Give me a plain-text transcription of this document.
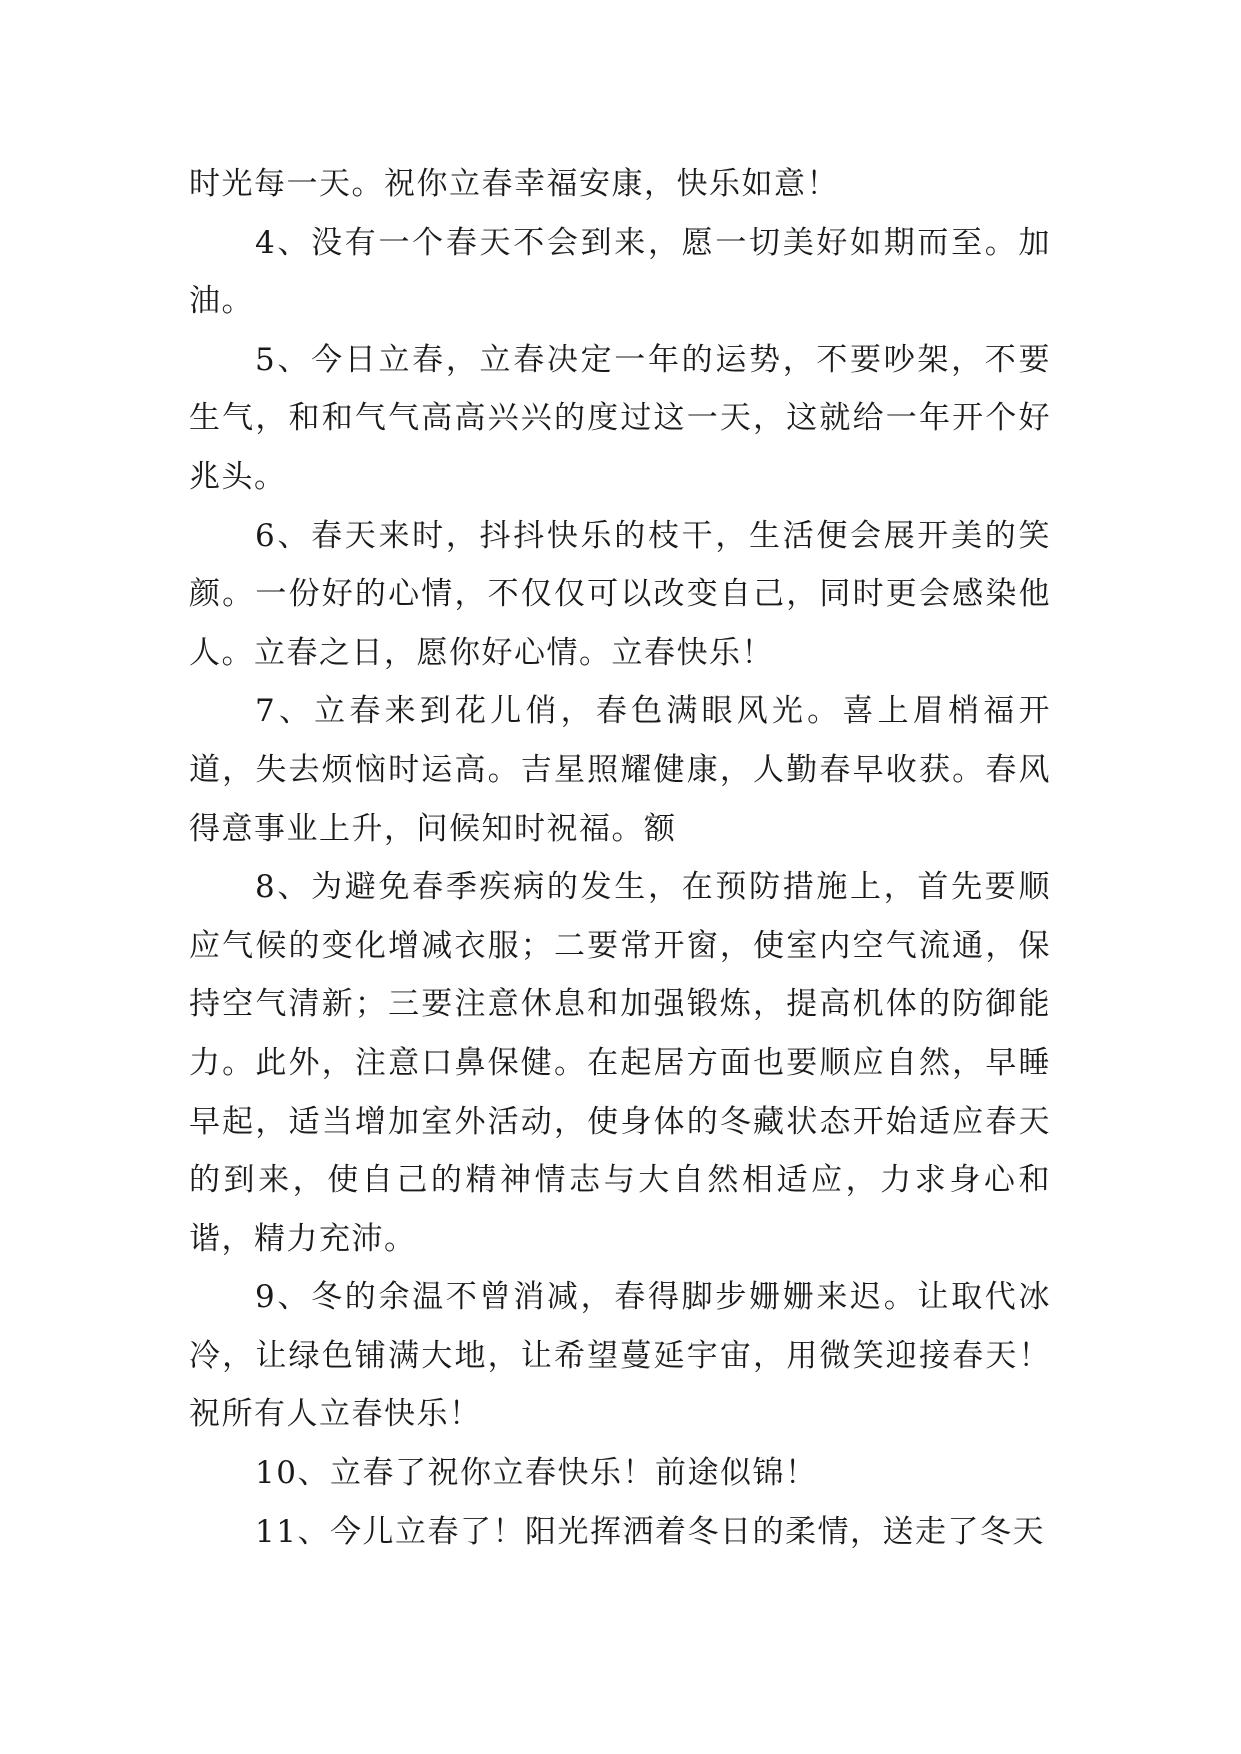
时光每一天。祝你立春幸福安康，快乐如意！

4、没有一个春天不会到来，愿一切美好如期而至。加油。

5、今日立春，立春决定一年的运势，不要吵架，不要生气，和和气气高高兴兴的度过这一天，这就给一年开个好兆头。

6、春天来时，抖抖快乐的枝干，生活便会展开美的笑颜。一份好的心情，不仅仅可以改变自己，同时更会感染他人。立春之日，愿你好心情。立春快乐！

7、立春来到花儿俏，春色满眼风光。喜上眉梢福开道，失去烦恼时运高。吉星照耀健康，人勤春早收获。春风得意事业上升，问候知时祝福。额

8、为避免春季疾病的发生，在预防措施上，首先要顺应气候的变化增减衣服；二要常开窗，使室内空气流通，保持空气清新；三要注意休息和加强锻炼，提高机体的防御能力。此外，注意口鼻保健。在起居方面也要顺应自然，早睡早起，适当增加室外活动，使身体的冬藏状态开始适应春天的到来，使自己的精神情志与大自然相适应，力求身心和谐，精力充沛。

9、冬的余温不曾消减，春得脚步姗姗来迟。让取代冰冷，让绿色铺满大地，让希望蔓延宇宙，用微笑迎接春天！祝所有人立春快乐！

10、立春了祝你立春快乐！前途似锦！

11、今儿立春了！阳光挥洒着冬日的柔情，送走了冬天
